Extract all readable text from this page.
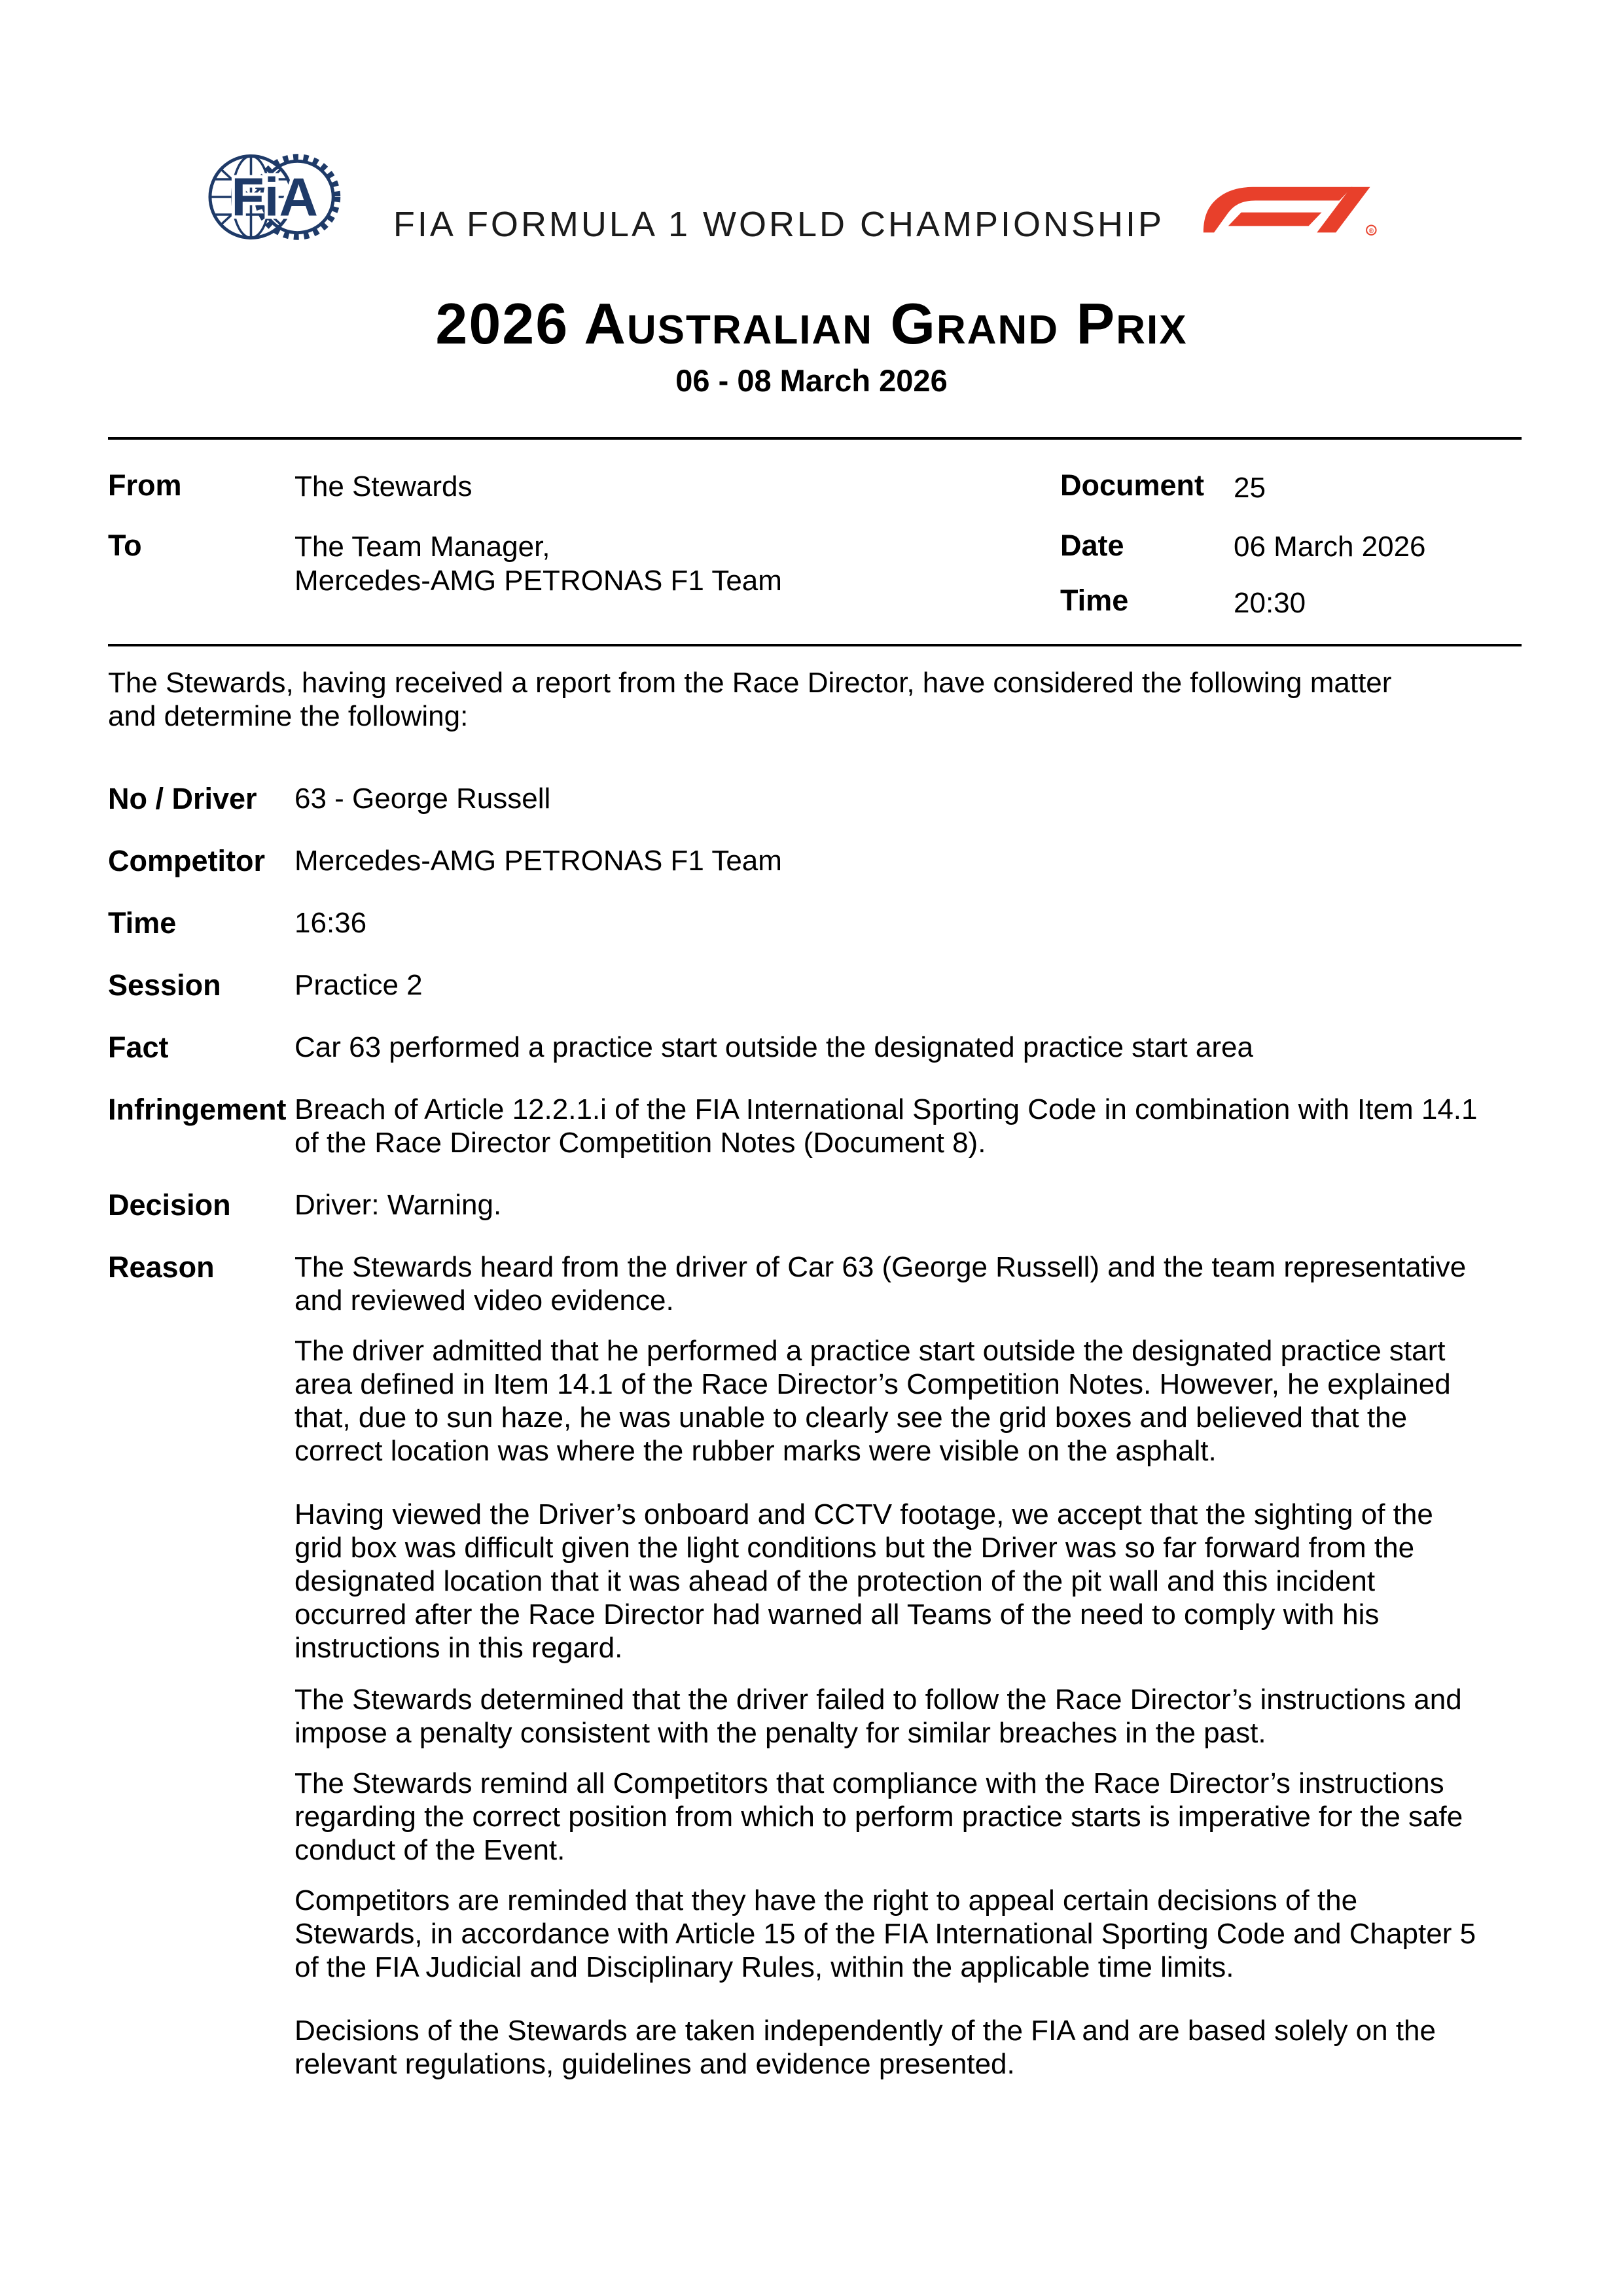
FiA	FIA FORMULA 1 WORLD CHAMPIONSHIP	®
2026 Australian Grand Prix
06 - 08 March 2026
From	The Stewards
To	The Team Manager,
Mercedes-AMG PETRONAS F1 Team
Document 25
Date	06 March 2026
Time	20:30

The Stewards, having received a report from the Race Director, have considered the following matter and determine the following:

No / Driver	63 - George Russell
Competitor	Mercedes-AMG PETRONAS F1 Team
Time	16:36
Session	Practice 2
Fact	Car 63 performed a practice start outside the designated practice start area
Infringement Breach of Article 12.2.1.i of the FIA International Sporting Code in combination with Item 14.1 of the Race Director Competition Notes (Document 8).
Decision	Driver: Warning.
Reason	The Stewards heard from the driver of Car 63 (George Russell) and the team representative and reviewed video evidence.

The driver admitted that he performed a practice start outside the designated practice start area defined in Item 14.1 of the Race Director’s Competition Notes. However, he explained that, due to sun haze, he was unable to clearly see the grid boxes and believed that the correct location was where the rubber marks were visible on the asphalt.

Having viewed the Driver’s onboard and CCTV footage, we accept that the sighting of the grid box was difficult given the light conditions but the Driver was so far forward from the designated location that it was ahead of the protection of the pit wall and this incident occurred after the Race Director had warned all Teams of the need to comply with his instructions in this regard.

The Stewards determined that the driver failed to follow the Race Director’s instructions and impose a penalty consistent with the penalty for similar breaches in the past.

The Stewards remind all Competitors that compliance with the Race Director’s instructions regarding the correct position from which to perform practice starts is imperative for the safe conduct of the Event.

Competitors are reminded that they have the right to appeal certain decisions of the Stewards, in accordance with Article 15 of the FIA International Sporting Code and Chapter 5 of the FIA Judicial and Disciplinary Rules, within the applicable time limits.

Decisions of the Stewards are taken independently of the FIA and are based solely on the relevant regulations, guidelines and evidence presented.
